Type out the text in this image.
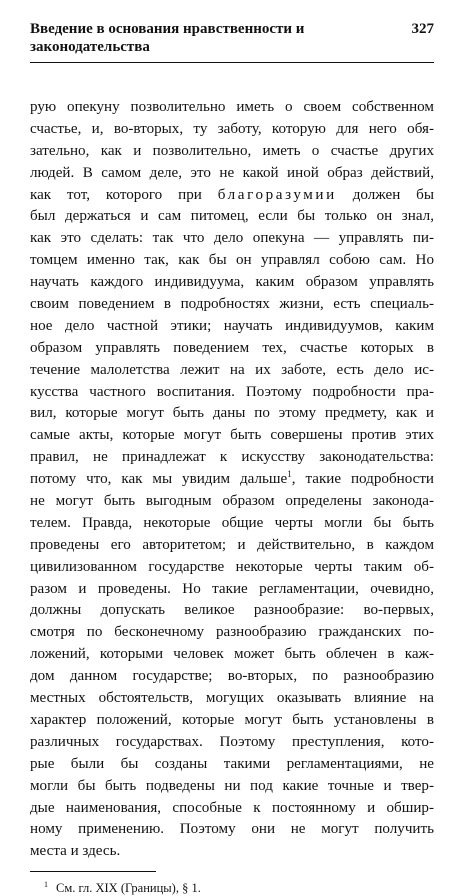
Введение в основания нравственности и законодательства
327
рую опекуну позволительно иметь о своем собственном
счастье, и, во-вторых, ту заботу, которую для него обя-
зательно, как и позволительно, иметь о счастье других
людей. В самом деле, это не какой иной образ действий,
как тот, которого при благоразумии должен бы
был держаться и сам питомец, если бы только он знал,
как это сделать: так что дело опекуна — управлять пи-
томцем именно так, как бы он управлял собою сам. Но
научать каждого индивидуума, каким образом управлять
своим поведением в подробностях жизни, есть специаль-
ное дело частной этики; научать индивидуумов, каким
образом управлять поведением тех, счастье которых в
течение малолетства лежит на их заботе, есть дело ис-
кусства частного воспитания. Поэтому подробности пра-
вил, которые могут быть даны по этому предмету, как и
самые акты, которые могут быть совершены против этих
правил, не принадлежат к искусству законодательства:
потому что, как мы увидим дальше$^1$, такие подробности
не могут быть выгодным образом определены законода-
телем. Правда, некоторые общие черты могли бы быть
проведены его авторитетом; и действительно, в каждом
цивилизованном государстве некоторые черты таким об-
разом и проведены. Но такие регламентации, очевидно,
должны допускать великое разнообразие: во-первых,
смотря по бесконечному разнообразию гражданских по-
ложений, которыми человек может быть облечен в каж-
дом данном государстве; во-вторых, по разнообразию
местных обстоятельств, могущих оказывать влияние на
характер положений, которые могут быть установлены в
различных государствах. Поэтому преступления, кото-
рые были бы созданы такими регламентациями, не
могли бы быть подведены ни под какие точные и твер-
дые наименования, способные к постоянному и обшир-
ному применению. Поэтому они не могут получить
места и здесь.
$^1$ См. гл. XIX (Границы), § 1.
